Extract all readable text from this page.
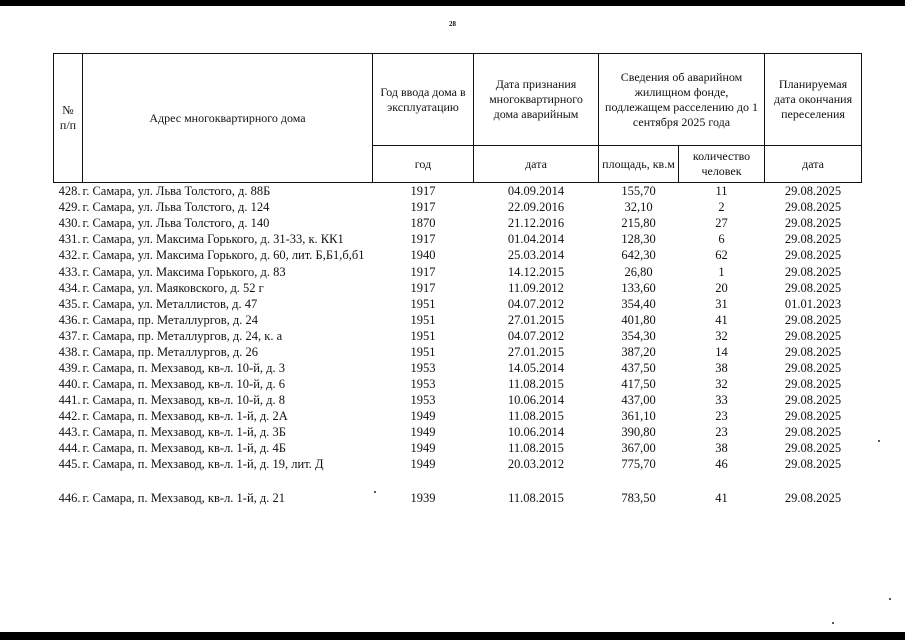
28
№ п/п	Адрес многоквартирного дома	Год ввода дома в эксплуатацию	Дата признания многоквартирного дома аварийным	Сведения об аварийном жилищном фонде, подлежащем расселению до 1 сентября 2025 года		Планируемая дата окончания переселения
		год	дата	площадь, кв.м	количество человек	дата
428.	г. Самара, ул. Льва Толстого, д. 88Б	1917	04.09.2014	155,70	11	29.08.2025
429.	г. Самара, ул. Льва Толстого, д. 124	1917	22.09.2016	32,10	2	29.08.2025
430.	г. Самара, ул. Льва Толстого, д. 140	1870	21.12.2016	215,80	27	29.08.2025
431.	г. Самара, ул. Максима Горького, д. 31-33, к. КК1	1917	01.04.2014	128,30	6	29.08.2025
432.	г. Самара, ул. Максима Горького, д. 60, лит. Б,Б1,б,б1	1940	25.03.2014	642,30	62	29.08.2025
433.	г. Самара, ул. Максима Горького, д. 83	1917	14.12.2015	26,80	1	29.08.2025
434.	г. Самара, ул. Маяковского, д. 52 г	1917	11.09.2012	133,60	20	29.08.2025
435.	г. Самара, ул. Металлистов, д. 47	1951	04.07.2012	354,40	31	01.01.2023
436.	г. Самара, пр. Металлургов, д. 24	1951	27.01.2015	401,80	41	29.08.2025
437.	г. Самара, пр. Металлургов, д. 24, к. а	1951	04.07.2012	354,30	32	29.08.2025
438.	г. Самара, пр. Металлургов, д. 26	1951	27.01.2015	387,20	14	29.08.2025
439.	г. Самара, п. Мехзавод, кв-л. 10-й, д. 3	1953	14.05.2014	437,50	38	29.08.2025
440.	г. Самара, п. Мехзавод, кв-л. 10-й, д. 6	1953	11.08.2015	417,50	32	29.08.2025
441.	г. Самара, п. Мехзавод, кв-л. 10-й, д. 8	1953	10.06.2014	437,00	33	29.08.2025
442.	г. Самара, п. Мехзавод, кв-л. 1-й, д. 2А	1949	11.08.2015	361,10	23	29.08.2025
443.	г. Самара, п. Мехзавод, кв-л. 1-й, д. 3Б	1949	10.06.2014	390,80	23	29.08.2025
444.	г. Самара, п. Мехзавод, кв-л. 1-й, д. 4Б	1949	11.08.2015	367,00	38	29.08.2025
445.	г. Самара, п. Мехзавод, кв-л. 1-й, д. 19, лит. Д	1949	20.03.2012	775,70	46	29.08.2025

446.	г. Самара, п. Мехзавод, кв-л. 1-й, д. 21	1939	11.08.2015	783,50	41	29.08.2025
